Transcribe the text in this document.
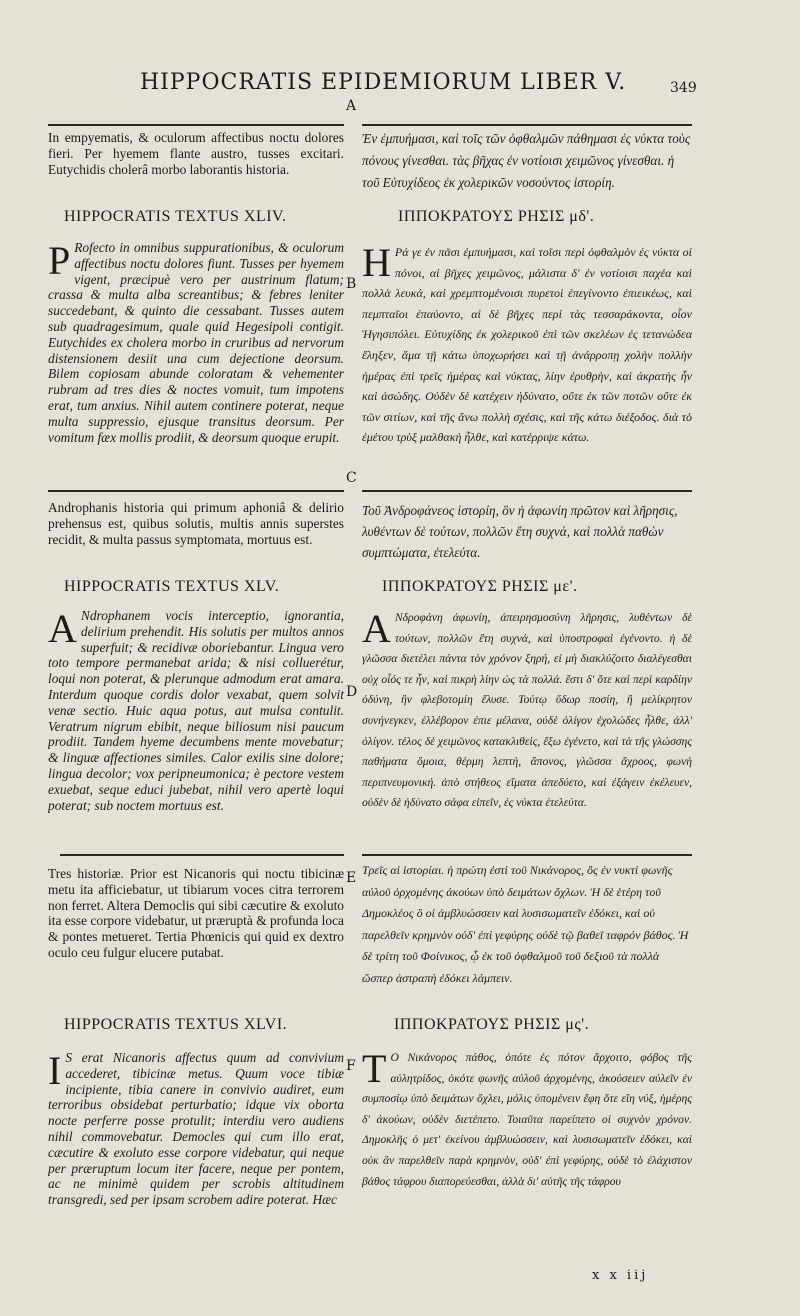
HIPPOCRATIS EPIDEMIORUM LIBER V.	349
A
B
C
D
E
F
In empyematis, & oculorum affectibus noctu dolores fieri. Per hyemem flante austro, tusses excitari. Eutychidis cholerâ morbo laborantis historia.
Ἐν ἐμπυήμασι, καὶ τοῖς τῶν ὀφθαλμῶν πάθημασι ἐς νύκτα τοὺς πόνους γίνεσθαι. τὰς βῆχας ἐν νοτίοισι χειμῶνος γίνεσθαι. ἡ τοῦ Εὐτυχίδεος ἐκ χολερικῶν νοσούντος ἱστορίη.
HIPPOCRATIS TEXTUS XLIV.	ΙΠΠΟΚΡΑΤΟΥΣ ΡΗΣΙΣ μδ'.
P Rofecto in omnibus suppurationibus, & oculorum affectibus noctu dolores fiunt. Tusses per hyemem vigent, præcipuè vero per austrinum flatum; crassa & multa alba screantibus; & febres leniter succedebant, & quinto die cessabant. Tusses autem sub quadragesimum, quale quid Hegesipoli contigit. Eutychides ex cholera morbo in cruribus ad nervorum distensionem desiit una cum dejectione deorsum. Bilem copiosam abunde coloratam & vehementer rubram ad tres dies & noctes vomuit, tum impotens erat, tum anxius. Nihil autem continere poterat, neque multa suppressio, ejusque transitus deorsum. Per vomitum fæx mollis prodiit, & deorsum quoque erupit.
Η Ρά γε ἐν πᾶσι ἐμπυήμασι, καὶ τοῖσι περὶ ὀφθαλμὸν ἐς νύκτα οἱ πόνοι, αἱ βῆχες χειμῶνος, μάλιστα δ' ἐν νοτίοισι παχέα καὶ πολλὰ λευκά, καὶ χρεμπτομένοισι πυρετοὶ ἐπεγίνοντο ἐπιεικέως, καὶ πεμπταῖοι ἐπαύοντο, αἱ δὲ βῆχες περὶ τὰς τεσσαράκοντα, οἷον Ἡγησιπόλει. Εὐτυχίδης ἐκ χολερικοῦ ἐπὶ τῶν σκελέων ἐς τετανώδεα ἔληξεν, ἅμα τῇ κάτω ὑποχωρήσει καὶ τῇ ἀνάρροπῃ χολὴν πολλὴν ἡμέρας ἐπὶ τρεῖς ἡμέρας καὶ νύκτας, λίην ἐρυθρὴν, καὶ ἀκρατὴς ἦν καὶ ἀσώδης. Οὐδὲν δὲ κατέχειν ἠδύνατο, οὔτε ἐκ τῶν ποτῶν οὔτε ἐκ τῶν σιτίων, καὶ τῆς ἄνω πολλὴ σχέσις, καὶ τῆς κάτω διέξοδος. διὰ τὸ ἐμέτου τρὺξ μαλθακὴ ἦλθε, καὶ κατέρριψε κάτω.
Androphanis historia qui primum aphoniâ & delirio prehensus est, quibus solutis, multis annis superstes recidit, & multa passus symptomata, mortuus est.
Τοῦ Ἀνδροφάνεος ἱστορίη, ὃν ἡ ἀφωνίη πρῶτον καὶ λῆρησις, λυθέντων δὲ τούτων, πολλῶν ἔτη συχνά, καὶ πολλὰ παθὼν συμπτώματα, ἐτελεύτα.
HIPPOCRATIS TEXTUS XLV.	ΙΠΠΟΚΡΑΤΟΥΣ ΡΗΣΙΣ με'.
A Ndrophanem vocis interceptio, ignorantia, delirium prehendit. His solutis per multos annos superfuit; & recidivæ oboriebantur. Lingua vero toto tempore permanebat arida; & nisi colluerétur, loqui non poterat, & plerunque admodum erat amara. Interdum quoque cordis dolor vexabat, quem solvit venæ sectio. Huic aqua potus, aut mulsa contulit. Veratrum nigrum ebibit, neque biliosum nisi paucum prodiit. Tandem hyeme decumbens mente movebatur; & linguæ affectiones similes. Calor exilis sine dolore; lingua decolor; vox peripneumonica; è pectore vestem exuebat, seque educi jubebat, nihil vero apertè loqui poterat; sub noctem mortuus est.
Α Νδροφάνη ἀφωνίη, ἀπειρησμοσύνη λῆρησις, λυθέντων δὲ τούτων, πολλῶν ἔτη συχνά, καὶ ὑποστροφαὶ ἐγένοντο. ἡ δὲ γλῶσσα διετέλει πάντα τὸν χρόνον ξηρή, εἰ μὴ διακλύζοιτο διαλέγεσθαι οὐχ οἷός τε ἦν, καὶ πικρὴ λίην ὡς τὰ πολλά. ἔστι δ' ὅτε καὶ περὶ καρδίην ὀδύνη, ἣν φλεβοτομίη ἔλυσε. Τούτῳ ὕδωρ ποσίη, ἢ μελίκρητον συνήνεγκεν, ἐλλέβορον ἐπιε μέλανα, οὐδὲ ὀλίγον ἐχολώδες ἦλθε, ἀλλ' ὀλίγον. τέλος δὲ χειμῶνος κατακλιθεὶς, ἔξω ἐγένετο, καὶ τὰ τῆς γλώσσης παθήματα ὅμοια, θέρμη λεπτὴ, ἄπονος, γλῶσσα ἄχροος, φωνὴ περιπνευμονική. ἀπὸ στήθεος εἵματα ἀπεδύετο, καὶ ἐξάγειν ἐκέλευεν, οὐδὲν δὲ ἠδύνατο σάφα εἰπεῖν, ἐς νύκτα ἐτελεύτα.
Tres historiæ. Prior est Nicanoris qui noctu tibicinæ metu ita afficiebatur, ut tibiarum voces citra terrorem non ferret. Altera Democlis qui sibi cæcutire & exoluto ita esse corpore videbatur, ut præruptà & profunda loca & pontes metueret. Tertia Phœnicis qui quid ex dextro oculo ceu fulgur elucere putabat.
Τρεῖς αἱ ἱστορίαι. ἡ πρώτη ἐστὶ τοῦ Νικάνορος, ὃς ἐν νυκτὶ φωνῆς αὐλοῦ ὀρχομένης ἀκούων ὑπὸ δειμάτων ὄχλων. Ἡ δὲ ἑτέρη τοῦ Δημοκλέος ὃ οἱ ἀμβλυώσσειν καὶ λυσισωματεῖν ἐδόκει, καὶ οὐ παρελθεῖν κρημνὸν οὐδ' ἐπὶ γεφύρης οὐδὲ τῷ βαθεῖ ταφρόν βάθος. Ἡ δὲ τρίτη τοῦ Φοίνικος, ᾧ ἐκ τοῦ ὀφθαλμοῦ τοῦ δεξιοῦ τὰ πολλὰ ὥσπερ ἀστραπὴ ἐδόκει λάμπειν.
HIPPOCRATIS TEXTUS XLVI.	ΙΠΠΟΚΡΑΤΟΥΣ ΡΗΣΙΣ μς'.
I S erat Nicanoris affectus quum ad convivium accederet, tibicinæ metus. Quum voce tibiæ incipiente, tibia canere in convivio audiret, eum terroribus obsidebat perturbatio; idque vix oborta nocte perferre posse protulit; interdiu vero audiens nihil commovebatur. Democles qui cum illo erat, cæcutire & exoluto esse corpore videbatur, qui neque per præruptum locum iter facere, neque per pontem, ac ne minimè quidem per scrobis altitudinem transgredi, sed per ipsam scrobem adire poterat. Hæc
Τ Ο Νικάνορος πάθος, ὁπότε ἐς πότον ἄρχοιτο, φόβος τῆς αὐλητρίδος, ὁκότε φωνῆς αὐλοῦ ἀρχομένης, ἀκούσειεν αὐλεῖν ἐν συμποσίῳ ὑπὸ δειμάτων ὄχλει, μόλις ὑπομένειν ἔφη ὅτε εἴη νύξ, ἡμέρης δ' ἀκούων, οὐδὲν διετέπετο. Τοιαῦτα παρείπετο οἱ συχνὸν χρόνον. Δημοκλῆς ὁ μετ' ἐκείνου ἀμβλυώσσειν, καὶ λυσισωματεῖν ἐδόκει, καὶ οὐκ ἂν παρελθεῖν παρὰ κρημνὸν, οὐδ' ἐπὶ γεφύρης, οὐδὲ τὸ ἐλάχιστον βάθος τάφρου διαπορεύεσθαι, ἀλλὰ δι' αὐτῆς τῆς τάφρου
x x iij
